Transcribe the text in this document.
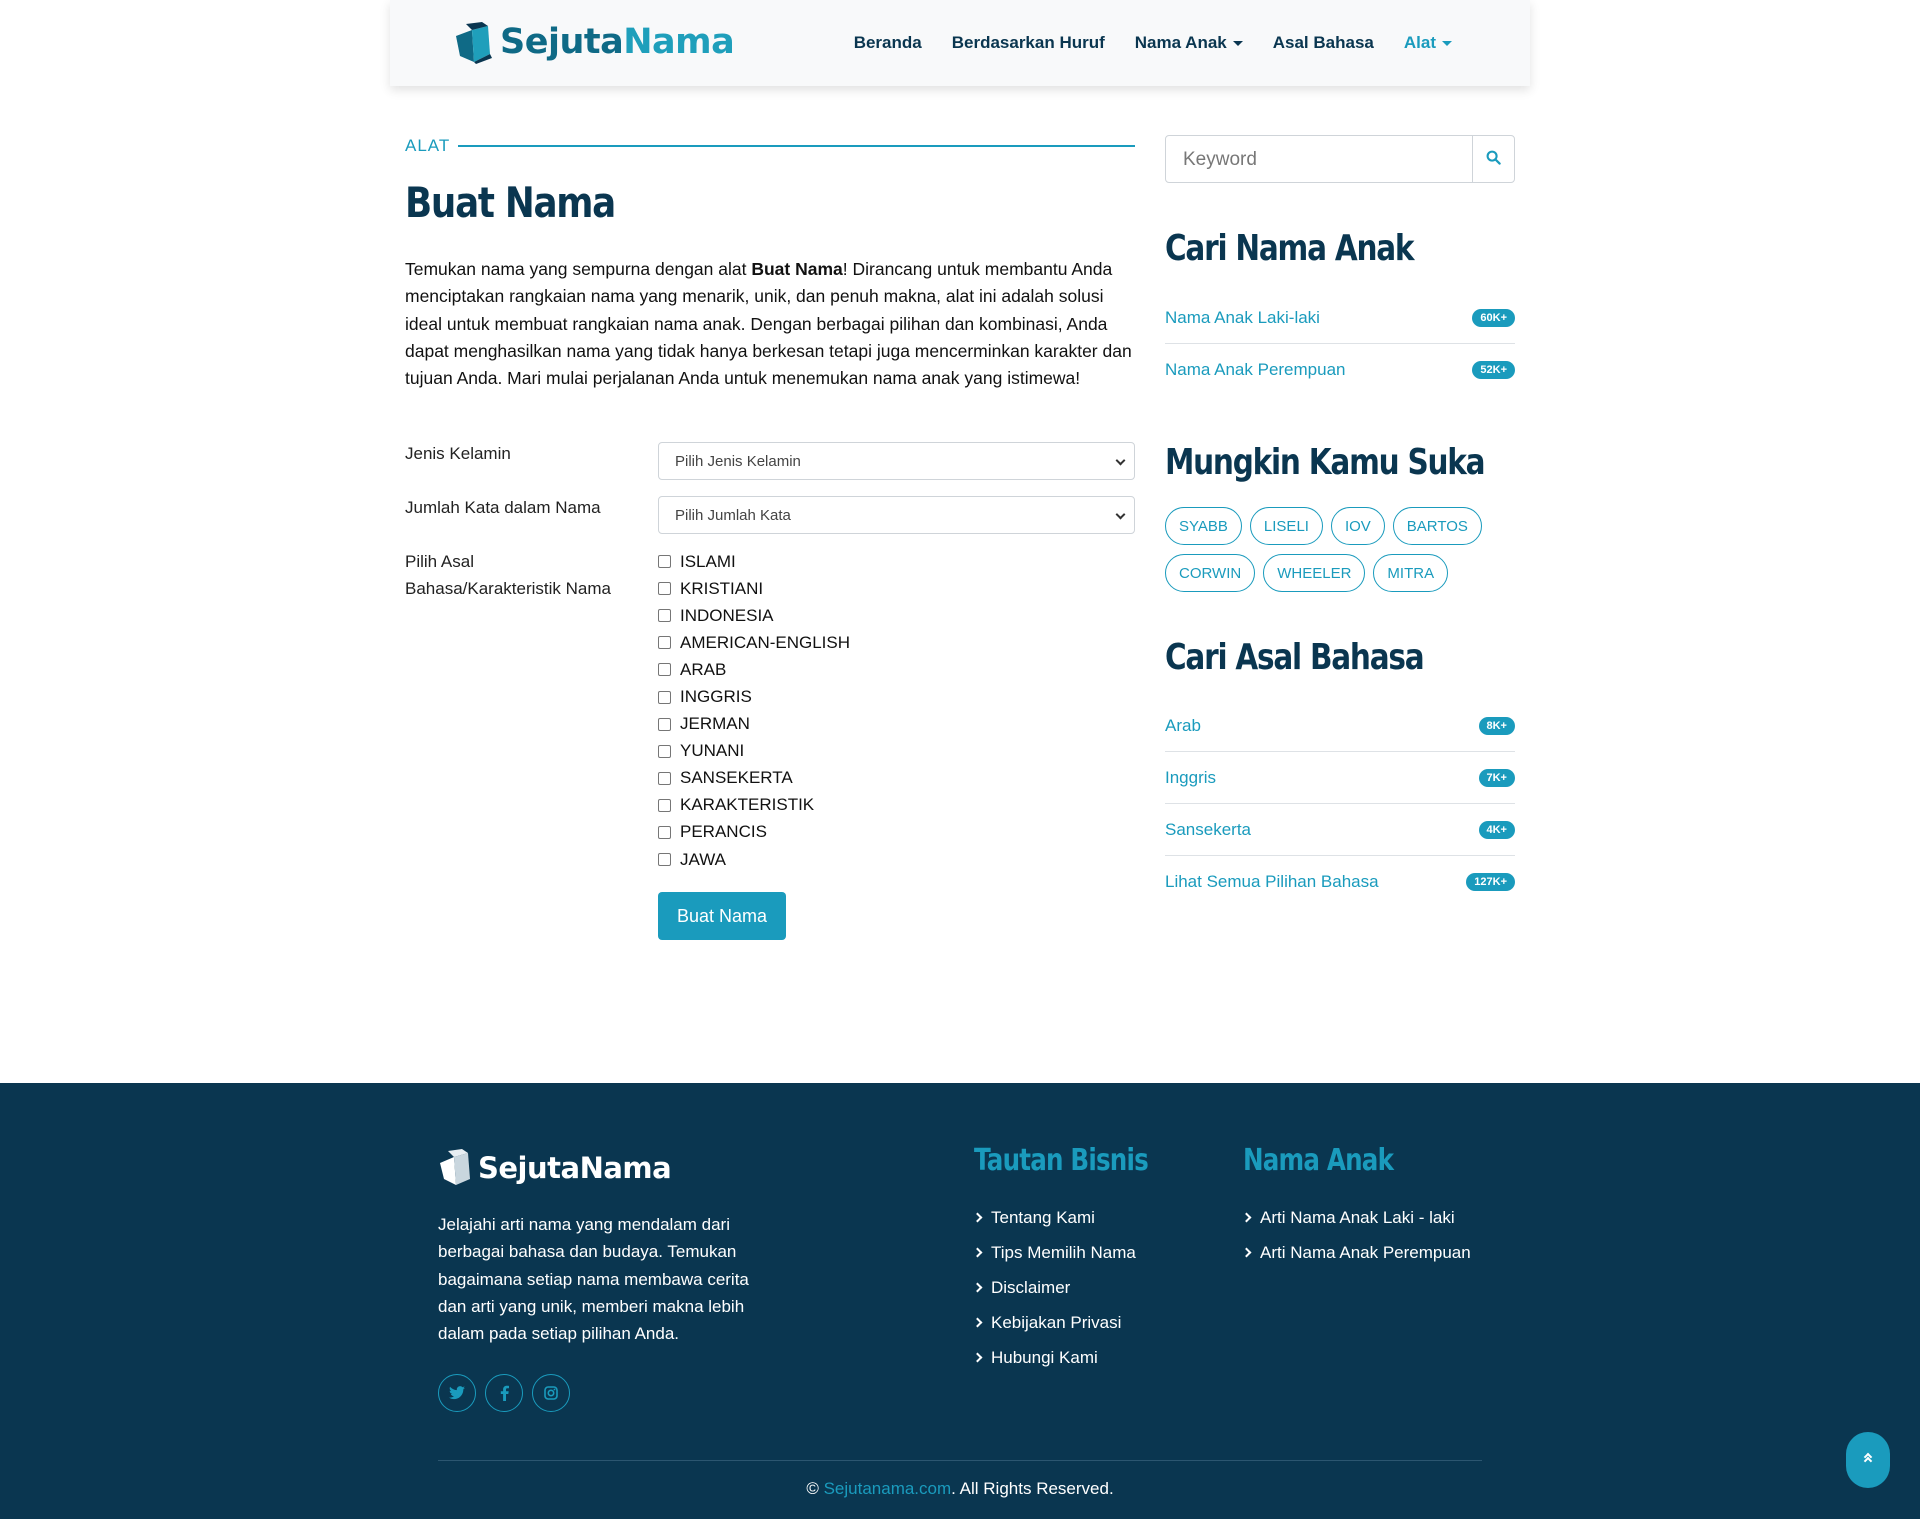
SejutaNama	Beranda Berdasarkan Huruf Nama Anak	Asal Bahasa Alat
ALAT
Buat Nama

Temukan nama yang sempurna dengan alat Buat Nama! Dirancang untuk membantu Anda menciptakan rangkaian nama yang menarik, unik, dan penuh makna, alat ini adalah solusi ideal untuk membuat rangkaian nama anak. Dengan berbagai pilihan dan kombinasi, Anda dapat menghasilkan nama yang tidak hanya berkesan tetapi juga mencerminkan karakter dan tujuan Anda. Mari mulai perjalanan Anda untuk menemukan nama anak yang istimewa!

Jenis Kelamin	Pilih Jenis Kelamin
Jumlah Kata dalam Nama	Pilih Jumlah Kata
Pilih Asal
Bahasa/Karakteristik Nama
ISLAMI
KRISTIANI
INDONESIA
AMERICAN-ENGLISH
ARAB
INGGRIS
JERMAN
YUNANI
SANSEKERTA
KARAKTERISTIK
PERANCIS
JAWA
Buat Nama
Keyword
Cari Nama Anak
Nama Anak Laki-laki	60K+
Nama Anak Perempuan	52K+
Mungkin Kamu Suka
SYABB	LISELI	IOV	BARTOS
CORWIN	WHEELER	MITRA
Cari Asal Bahasa
Arab	8K+
Inggris	7K+
Sansekerta	4K+
Lihat Semua Pilihan Bahasa	127K+
SejutaNama

Jelajahi arti nama yang mendalam dari berbagai bahasa dan budaya. Temukan bagaimana setiap nama membawa cerita dan arti yang unik, memberi makna lebih dalam pada setiap pilihan Anda.

Tautan Bisnis
Tentang Kami
Tips Memilih Nama
Disclaimer
Kebijakan Privasi
Hubungi Kami
Nama Anak
Arti Nama Anak Laki - laki
Arti Nama Anak Perempuan
© Sejutanama.com. All Rights Reserved.
